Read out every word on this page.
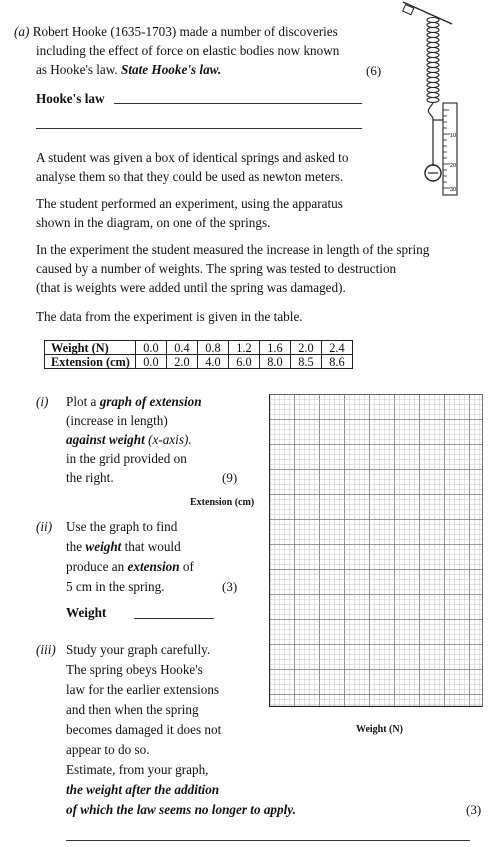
(a) Robert Hooke (1635-1703) made a number of discoveries
including the effect of force on elastic bodies now known
as Hooke's law. State Hooke's law.	(6)
Hooke's law
10
20
30
A student was given a box of identical springs and asked to
analyse them so that they could be used as newton meters.
The student performed an experiment, using the apparatus
shown in the diagram, on one of the springs.
In the experiment the student measured the increase in length of the spring
caused by a number of weights. The spring was tested to destruction
(that is weights were added until the spring was damaged).
The data from the experiment is given in the table.
Weight (N)	0.0	0.4	0.8	1.2	1.6	2.0	2.4
Extension (cm)	0.0	2.0	4.0	6.0	8.0	8.5	8.6
(i) Plot a graph of extension
(increase in length)
against weight (x-axis).
in the grid provided on
the right.	(9)
Extension (cm)
Weight (N)
(ii) Use the graph to find
the weight that would
produce an extension of
5 cm in the spring.	(3)
Weight
(iii) Study your graph carefully.
The spring obeys Hooke's
law for the earlier extensions
and then when the spring
becomes damaged it does not
appear to do so.
Estimate, from your graph,
the weight after the addition
of which the law seems no longer to apply.	(3)
